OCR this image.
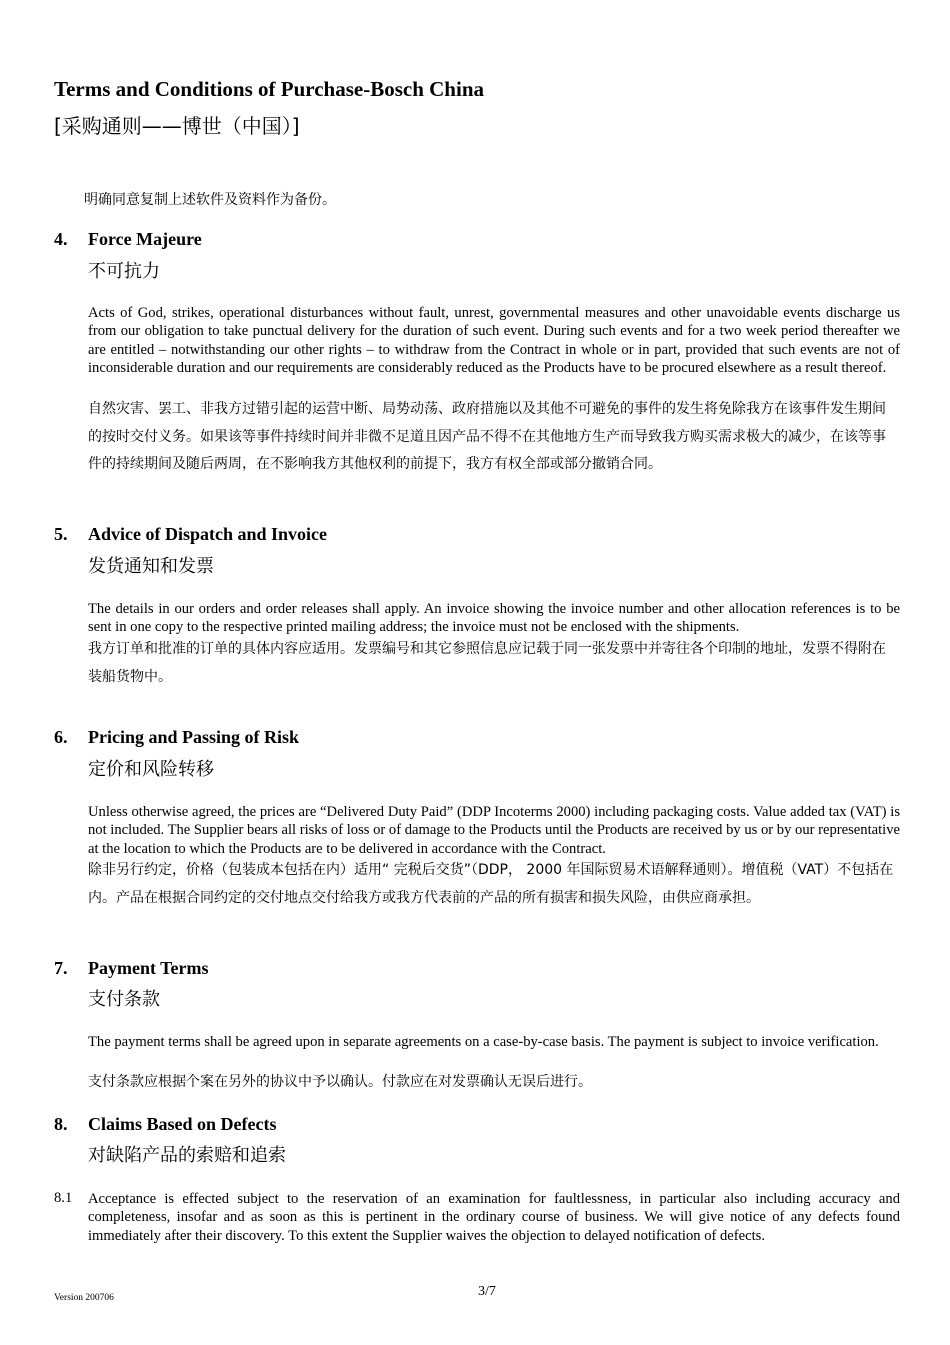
Terms and Conditions of Purchase-Bosch China
[采购通则——博世（中国）]
明确同意复制上述软件及资料作为备份。
4. Force Majeure
不可抗力
Acts of God, strikes, operational disturbances without fault, unrest, governmental measures and other unavoidable events discharge us from our obligation to take punctual delivery for the duration of such event. During such events and for a two week period thereafter we are entitled – notwithstanding our other rights – to withdraw from the Contract in whole or in part, provided that such events are not of inconsiderable duration and our requirements are considerably reduced as the Products have to be procured elsewhere as a result thereof.
自然灾害、罢工、非我方过错引起的运营中断、局势动荡、政府措施以及其他不可避免的事件的发生将免除我方在该事件发生期间的按时交付义务。如果该等事件持续时间并非微不足道且因产品不得不在其他地方生产而导致我方购买需求极大的减少，在该等事件的持续期间及随后两周，在不影响我方其他权利的前提下，我方有权全部或部分撤销合同。
5. Advice of Dispatch and Invoice
发货通知和发票
The details in our orders and order releases shall apply. An invoice showing the invoice number and other allocation references is to be sent in one copy to the respective printed mailing address; the invoice must not be enclosed with the shipments.
我方订单和批准的订单的具体内容应适用。发票编号和其它参照信息应记载于同一张发票中并寄往各个印制的地址，发票不得附在装船货物中。
6. Pricing and Passing of Risk
定价和风险转移
Unless otherwise agreed, the prices are “Delivered Duty Paid” (DDP Incoterms 2000) including packaging costs. Value added tax (VAT) is not included. The Supplier bears all risks of loss or of damage to the Products until the Products are received by us or by our representative at the location to which the Products are to be delivered in accordance with the Contract.
除非另行约定，价格（包装成本包括在内）适用“ 完税后交货”（DDP， 2000 年国际贸易术语解释通则）。增值税（VAT）不包括在内。产品在根据合同约定的交付地点交付给我方或我方代表前的产品的所有损害和损失风险，由供应商承担。
7. Payment Terms
支付条款
The payment terms shall be agreed upon in separate agreements on a case-by-case basis. The payment is subject to invoice verification.
支付条款应根据个案在另外的协议中予以确认。付款应在对发票确认无误后进行。
8. Claims Based on Defects
对缺陷产品的索赔和追索
8.1 Acceptance is effected subject to the reservation of an examination for faultlessness, in particular also including accuracy and completeness, insofar and as soon as this is pertinent in the ordinary course of business. We will give notice of any defects found immediately after their discovery. To this extent the Supplier waives the objection to delayed notification of defects.
Version 200706	3/7
